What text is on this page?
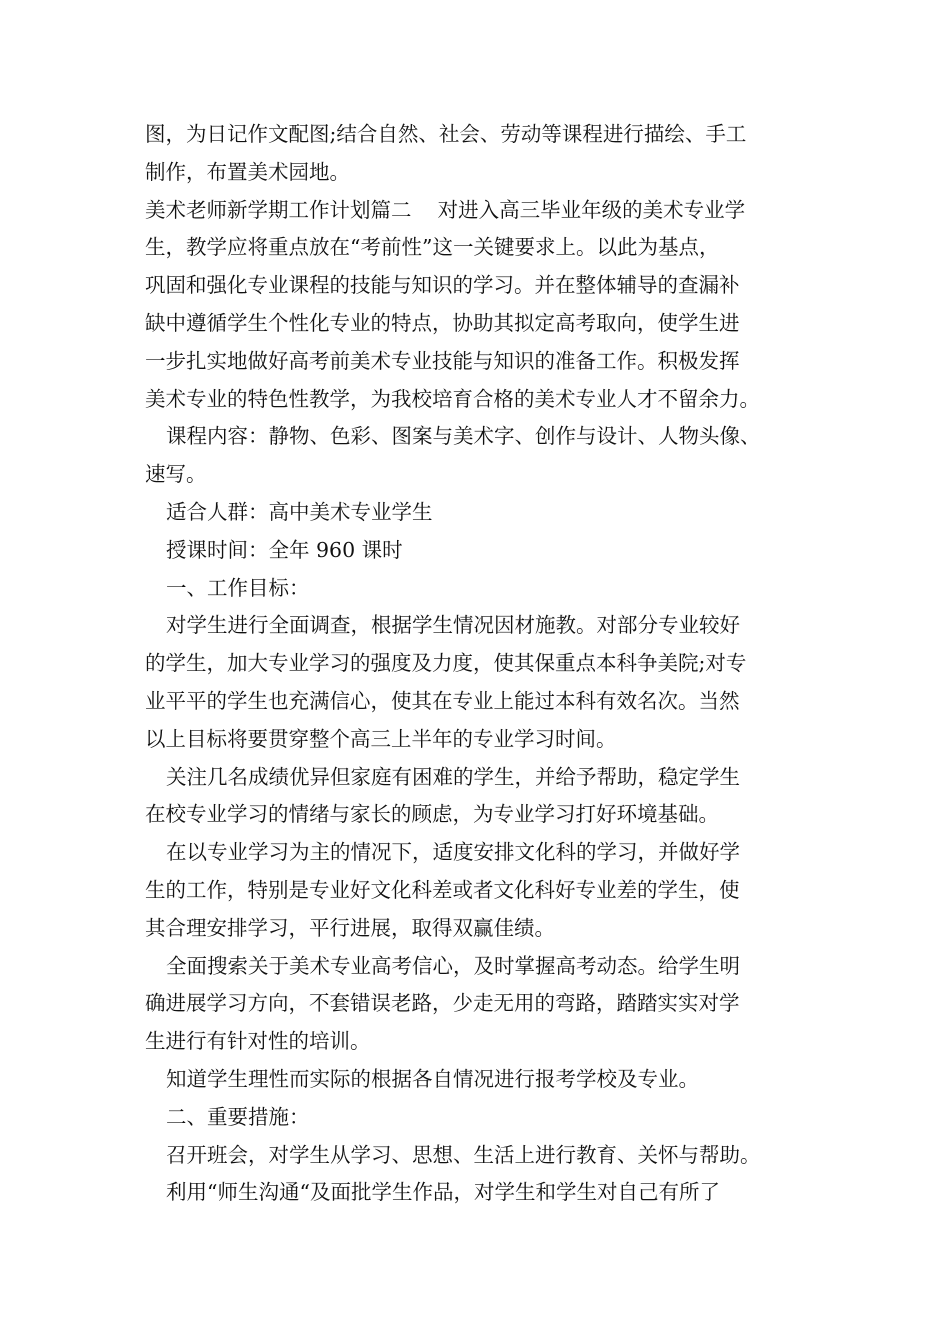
图，为日记作文配图;结合自然、社会、劳动等课程进行描绘、手工
制作，布置美术园地。
美术老师新学期工作计划篇二    对进入高三毕业年级的美术专业学
生，教学应将重点放在“考前性”这一关键要求上。以此为基点，
巩固和强化专业课程的技能与知识的学习。并在整体辅导的查漏补
缺中遵循学生个性化专业的特点，协助其拟定高考取向，使学生进
一步扎实地做好高考前美术专业技能与知识的准备工作。积极发挥
美术专业的特色性教学，为我校培育合格的美术专业人才不留余力。
课程内容：静物、色彩、图案与美术字、创作与设计、人物头像、
速写。
适合人群：高中美术专业学生
授课时间：全年 960 课时
一、工作目标：
对学生进行全面调查，根据学生情况因材施教。对部分专业较好
的学生，加大专业学习的强度及力度，使其保重点本科争美院;对专
业平平的学生也充满信心，使其在专业上能过本科有效名次。当然
以上目标将要贯穿整个高三上半年的专业学习时间。
关注几名成绩优异但家庭有困难的学生，并给予帮助，稳定学生
在校专业学习的情绪与家长的顾虑，为专业学习打好环境基础。
在以专业学习为主的情况下，适度安排文化科的学习，并做好学
生的工作，特别是专业好文化科差或者文化科好专业差的学生，使
其合理安排学习，平行进展，取得双赢佳绩。
全面搜索关于美术专业高考信心，及时掌握高考动态。给学生明
确进展学习方向，不套错误老路，少走无用的弯路，踏踏实实对学
生进行有针对性的培训。
知道学生理性而实际的根据各自情况进行报考学校及专业。
二、重要措施：
召开班会，对学生从学习、思想、生活上进行教育、关怀与帮助。
利用“师生沟通“及面批学生作品，对学生和学生对自己有所了
